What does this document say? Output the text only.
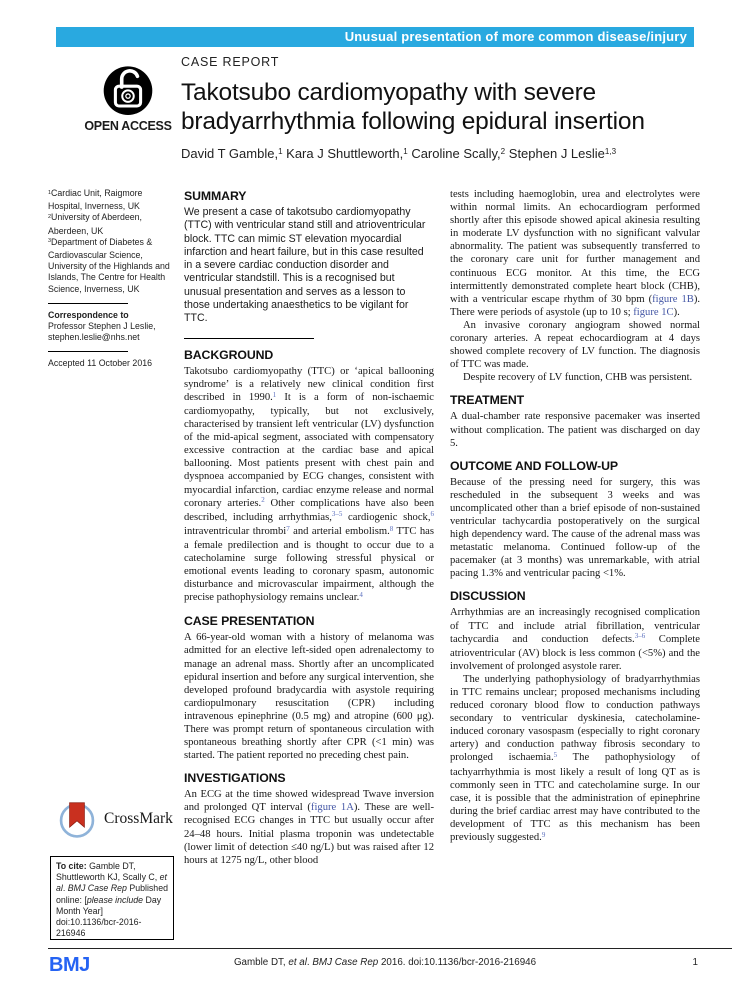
Unusual presentation of more common disease/injury
OPEN ACCESS
CASE REPORT
Takotsubo cardiomyopathy with severe bradyarrhythmia following epidural insertion
David T Gamble,$^1$ Kara J Shuttleworth,$^1$ Caroline Scally,$^2$ Stephen J Leslie$^{1,3}$

$^1$Cardiac Unit, Raigmore Hospital, Inverness, UK

$^2$University of Aberdeen, Aberdeen, UK

$^3$Department of Diabetes & Cardiovascular Science, University of the Highlands and Islands, The Centre for Health Science, Inverness, UK

Correspondence to
Professor Stephen J Leslie,
stephen.leslie@nhs.net
Accepted 11 October 2016
SUMMARY
We present a case of takotsubo cardiomyopathy (TTC) with ventricular stand still and atrioventricular block. TTC can mimic ST elevation myocardial infarction and heart failure, but in this case resulted in a severe cardiac conduction disorder and ventricular standstill. This is a recognised but unusual presentation and serves as a lesson to those undertaking anaesthetics to be vigilant for TTC.
BACKGROUND

Takotsubo cardiomyopathy (TTC) or ‘apical ballooning syndrome’ is a relatively new clinical condition first described in 1990.$^1$ It is a form of non-ischaemic cardiomyopathy, typically, but not exclusively, characterised by transient left ventricular (LV) dysfunction of the mid-apical segment, associated with compensatory excessive contraction at the cardiac base and apical ballooning. Most patients present with chest pain and dyspnoea accompanied by ECG changes, consistent with myocardial infarction, cardiac enzyme release and normal coronary arteries.$^2$ Other complications have also been described, including arrhythmias,$^{3-5}$ cardiogenic shock,$^6$ intraventricular thrombi$^7$ and arterial embolism.$^8$ TTC has a female predilection and is thought to occur due to a catecholamine surge following stressful physical or emotional events leading to coronary spasm, autonomic disturbance and microvascular impairment, although the precise pathophysiology remains unclear.$^4$

CASE PRESENTATION

A 66-year-old woman with a history of melanoma was admitted for an elective left-sided open adrenalectomy to manage an adrenal mass. Shortly after an uncomplicated epidural insertion and before any surgical intervention, she developed profound bradycardia with asystole requiring cardiopulmonary resuscitation (CPR) including intravenous epinephrine (0.5 mg) and atropine (600 μg). There was prompt return of spontaneous circulation with spontaneous breathing shortly after CPR (<1 min) was started. The patient reported no preceding chest pain.

INVESTIGATIONS

An ECG at the time showed widespread Twave inversion and prolonged QT interval (figure 1A). These are well-recognised ECG changes in TTC but usually occur after 24–48 hours. Initial plasma troponin was undetectable (lower limit of detection ≤40 ng/L) but was raised after 12 hours at 1275 ng/L, other blood

tests including haemoglobin, urea and electrolytes were within normal limits. An echocardiogram performed shortly after this episode showed apical akinesia resulting in moderate LV dysfunction with no significant valvular abnormality. The patient was subsequently transferred to the coronary care unit for further management and continuous ECG monitor. At this time, the ECG intermittently demonstrated complete heart block (CHB), with a ventricular escape rhythm of 30 bpm (figure 1B). There were periods of asystole (up to 10 s; figure 1C).

An invasive coronary angiogram showed normal coronary arteries. A repeat echocardiogram at 4 days showed complete recovery of LV function. The diagnosis of TTC was made.

Despite recovery of LV function, CHB was persistent.

TREATMENT

A dual-chamber rate responsive pacemaker was inserted without complication. The patient was discharged on day 5.

OUTCOME AND FOLLOW-UP

Because of the pressing need for surgery, this was rescheduled in the subsequent 3 weeks and was uncomplicated other than a brief episode of non-sustained ventricular tachycardia postoperatively on the surgical high dependency ward. The cause of the adrenal mass was metastatic melanoma. Continued follow-up of the pacemaker (at 3 months) was unremarkable, with atrial pacing 1.3% and ventricular pacing <1%.

DISCUSSION

Arrhythmias are an increasingly recognised complication of TTC and include atrial fibrillation, ventricular tachycardia and conduction defects.$^{3-6}$ Complete atrioventricular (AV) block is less common (<5%) and the involvement of prolonged asystole rarer.

The underlying pathophysiology of bradyarrhythmias in TTC remains unclear; proposed mechanisms including reduced coronary blood flow to conduction pathways secondary to ventricular dyskinesia, catecholamine-induced coronary vasospasm (especially to right coronary artery) and conduction pathway fibrosis secondary to prolonged ischaemia.$^5$ The pathophysiology of tachyarrhythmia is most likely a result of long QT as is commonly seen in TTC and catecholamine surge. In our case, it is possible that the administration of epinephrine during the brief cardiac arrest may have contributed to the development of TTC as this mechanism has been previously suggested.$^9$

CrossMark
To cite: Gamble DT, Shuttleworth KJ, Scally C, et al. BMJ Case Rep Published online: [please include Day Month Year] doi:10.1136/bcr-2016-216946
BMJ	Gamble DT, et al. BMJ Case Rep 2016. doi:10.1136/bcr-2016-216946	1
